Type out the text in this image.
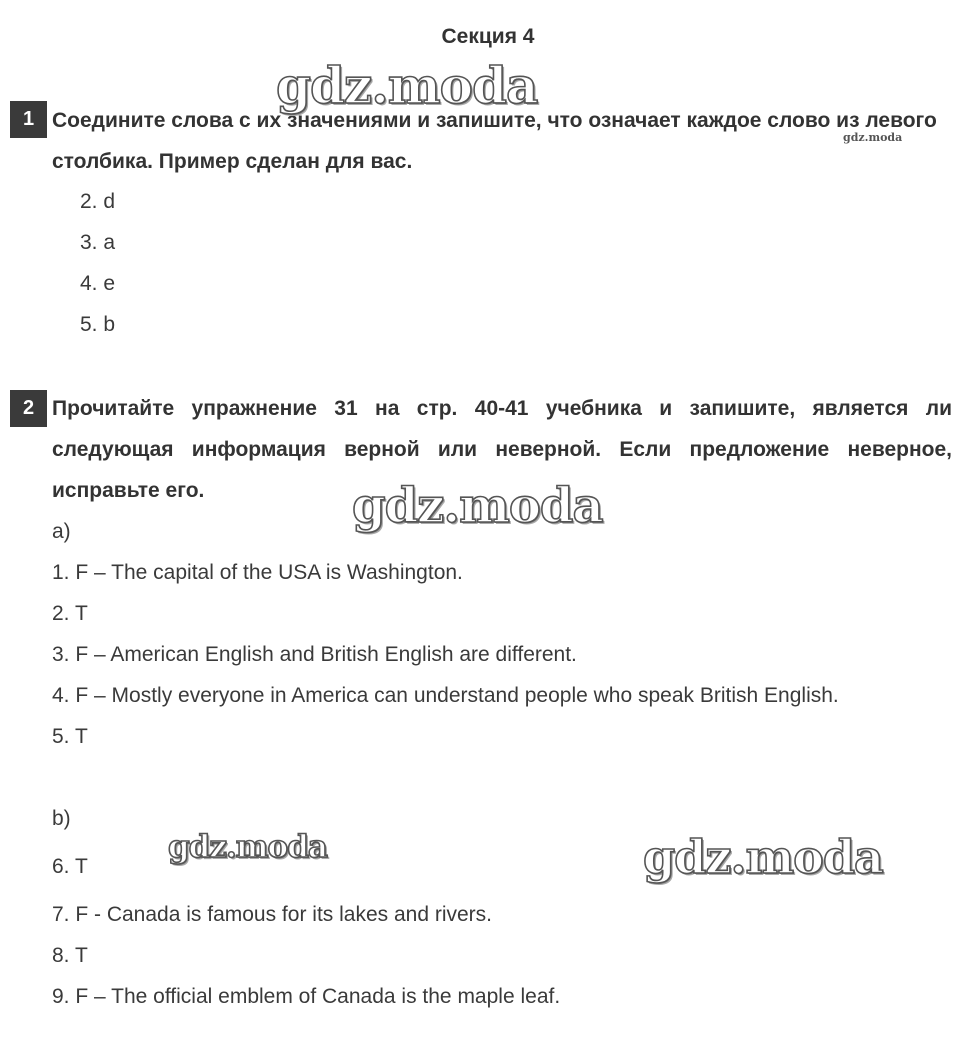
Секция 4
1 Соедините слова с их значениями и запишите, что означает каждое слово из левого столбика. Пример сделан для вас.
2. d
3. a
4. e
5. b
2 Прочитайте упражнение 31 на стр. 40-41 учебника и запишите, является ли следующая информация верной или неверной. Если предложение неверное, исправьте его.
a)
1. F – The capital of the USA is Washington.
2. T
3. F – American English and British English are different.
4. F – Mostly everyone in America can understand people who speak British English.
5. T
b)
6. T
7. F - Canada is famous for its lakes and rivers.
8. T
9. F – The official emblem of Canada is the maple leaf.
gdz.moda
gdz.moda
gdz.moda
gdz.moda	gdz.moda
